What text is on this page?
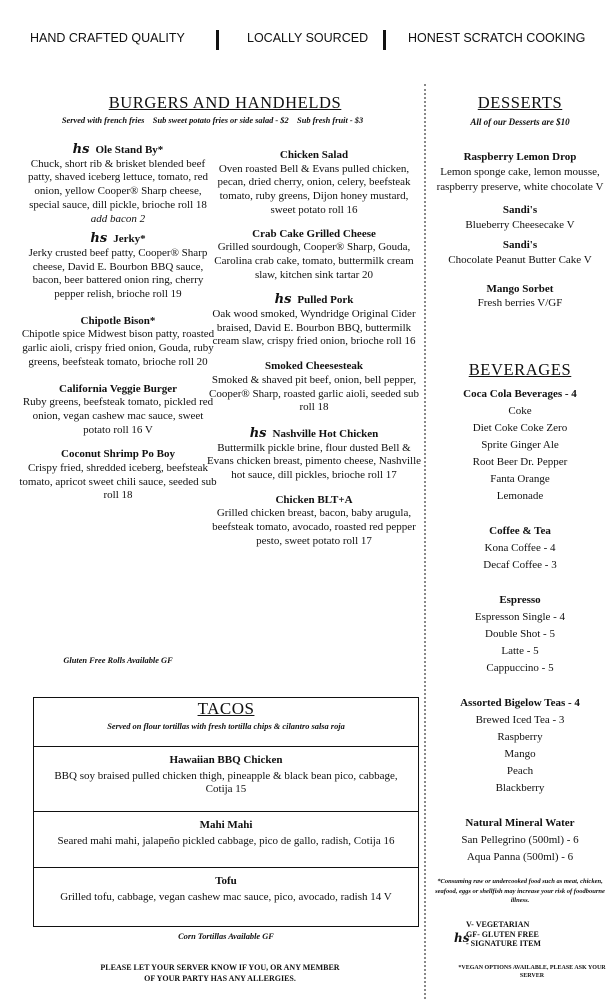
HAND CRAFTED QUALITY	LOCALLY SOURCED	HONEST SCRATCH COOKING
BURGERS AND HANDHELDS
Served with french fries    Sub sweet potato fries or side salad - $2    Sub fresh fruit - $3
hs Ole Stand By*
Chuck, short rib & brisket blended beef patty, shaved iceberg lettuce, tomato, red onion, yellow Cooper® Sharp cheese, special sauce, dill pickle, brioche roll 18
add bacon 2
hs Jerky*
Jerky crusted beef patty, Cooper® Sharp cheese, David E. Bourbon BBQ sauce, bacon, beer battered onion ring, cherry pepper relish, brioche roll 19
Chipotle Bison*
Chipotle spice Midwest bison patty, roasted garlic aioli, crispy fried onion, Gouda, ruby greens, beefsteak tomato, brioche roll 20
California Veggie Burger
Ruby greens, beefsteak tomato, pickled red onion, vegan cashew mac sauce, sweet potato roll 16 V
Coconut Shrimp Po Boy
Crispy fried, shredded iceberg, beefsteak tomato, apricot sweet chili sauce, seeded sub roll 18
Gluten Free Rolls Available GF
Chicken Salad
Oven roasted Bell & Evans pulled chicken, pecan, dried cherry, onion, celery, beefsteak tomato, ruby greens, Dijon honey mustard, sweet potato roll 16
Crab Cake Grilled Cheese
Grilled sourdough, Cooper® Sharp, Gouda, Carolina crab cake, tomato, buttermilk cream slaw, kitchen sink tartar 20
hs Pulled Pork
Oak wood smoked, Wyndridge Original Cider braised, David E. Bourbon BBQ, buttermilk cream slaw, crispy fried onion, brioche roll 16
Smoked Cheesesteak
Smoked & shaved pit beef, onion, bell pepper, Cooper® Sharp, roasted garlic aioli, seeded sub roll 18
hs Nashville Hot Chicken
Buttermilk pickle brine, flour dusted Bell & Evans chicken breast, pimento cheese, Nashville hot sauce, dill pickles, brioche roll 17
Chicken BLT+A
Grilled chicken breast, bacon, baby arugula, beefsteak tomato, avocado, roasted red pepper pesto, sweet potato roll 17
TACOS
Served on flour tortillas with fresh tortilla chips & cilantro salsa roja
Hawaiian BBQ Chicken
BBQ soy braised pulled chicken thigh, pineapple & black bean pico, cabbage, Cotija 15
Mahi Mahi
Seared mahi mahi, jalapeño pickled cabbage, pico de gallo, radish, Cotija 16
Tofu
Grilled tofu, cabbage, vegan cashew mac sauce, pico, avocado, radish 14 V
Corn Tortillas Available GF
PLEASE LET YOUR SERVER KNOW IF YOU, OR ANY MEMBER OF YOUR PARTY HAS ANY ALLERGIES.
DESSERTS
All of our Desserts are $10
Raspberry Lemon Drop
Lemon sponge cake, lemon mousse, raspberry preserve, white chocolate V
Sandi's
Blueberry Cheesecake V
Sandi's
Chocolate Peanut Butter Cake V
Mango Sorbet
Fresh berries V/GF
BEVERAGES
Coca Cola Beverages - 4
Coke
Diet Coke Coke Zero
Sprite Ginger Ale
Root Beer Dr. Pepper
Fanta Orange
Lemonade
Coffee & Tea
Kona Coffee - 4
Decaf Coffee - 3
Espresso
Espresson Single - 4
Double Shot - 5
Latte - 5
Cappuccino - 5
Assorted Bigelow Teas - 4
Brewed Iced Tea - 3
Raspberry
Mango
Peach
Blackberry
Natural Mineral Water
San Pellegrino (500ml) - 6
Aqua Panna (500ml) - 6
*Consuming raw or undercooked food such as meat, chicken, seafood, eggs or shellfish may increase your risk of foodbourne illness.
V- VEGETARIAN
GF- GLUTEN FREE
hs
- SIGNATURE ITEM
*VEGAN OPTIONS AVAILABLE, PLEASE ASK YOUR SERVER
